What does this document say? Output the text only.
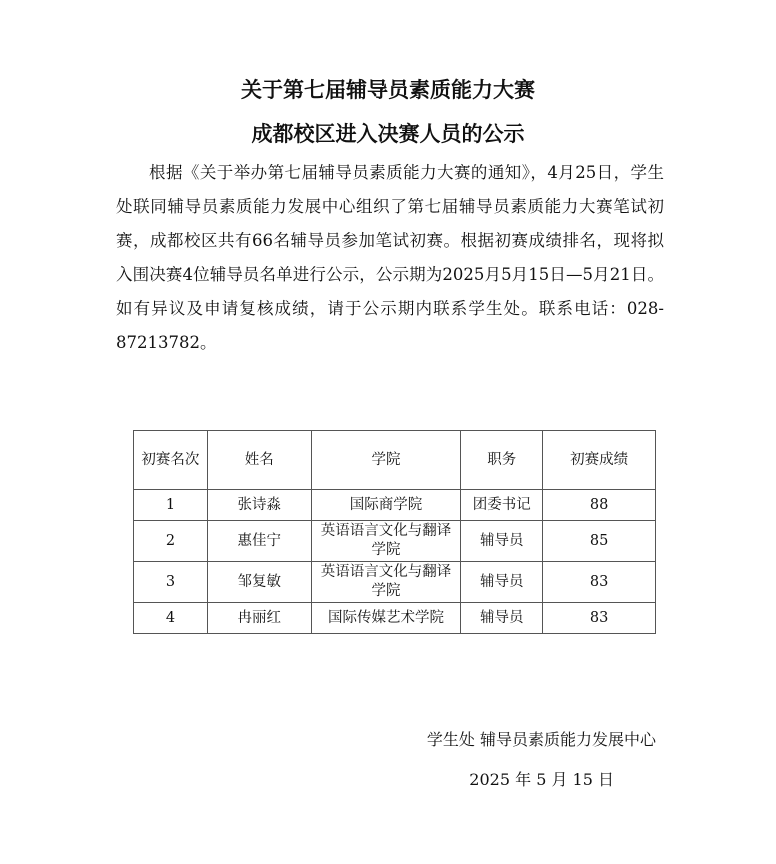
关于第七届辅导员素质能力大赛
成都校区进入决赛人员的公示

根据《关于举办第七届辅导员素质能力大赛的通知》，4月25日，学生处联同辅导员素质能力发展中心组织了第七届辅导员素质能力大赛笔试初赛，成都校区共有66名辅导员参加笔试初赛。根据初赛成绩排名，现将拟入围决赛4位辅导员名单进行公示，公示期为2025月5月15日—5月21日。如有异议及申请复核成绩，请于公示期内联系学生处。联系电话：028-87213782。

初赛名次	姓名	学院	职务	初赛成绩
1	张诗淼	国际商学院	团委书记	88
2	惠佳宁	英语语言文化与翻译学院	辅导员	85
3	邹复敏	英语语言文化与翻译学院	辅导员	83
4	冉丽红	国际传媒艺术学院	辅导员	83

学生处 辅导员素质能力发展中心

2025 年 5 月 15 日
